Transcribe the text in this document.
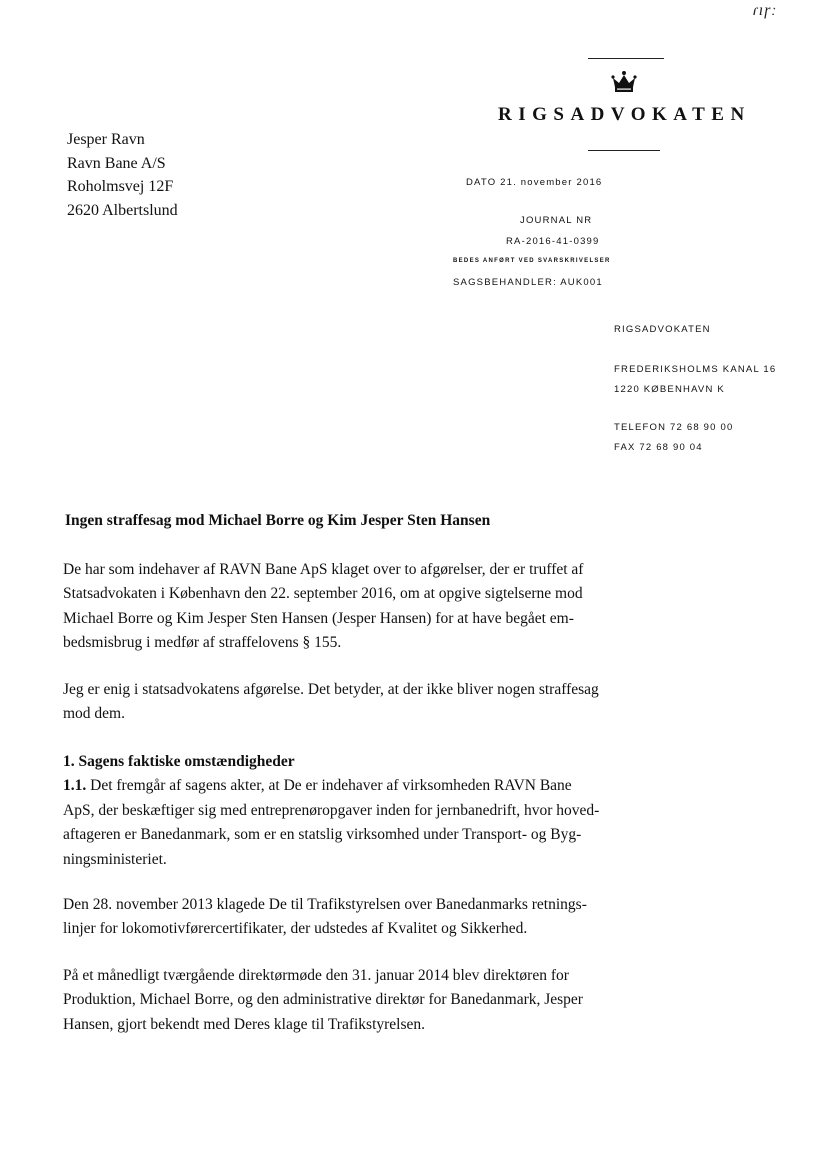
ɾıɼː
RIGSADVOKATEN
Jesper Ravn
Ravn Bane A/S
Roholmsvej 12F
2620 Albertslund
DATO 21. november 2016
JOURNAL NR
RA-2016-41-0399
BEDES ANFØRT VED SVARSKRIVELSER
SAGSBEHANDLER: AUK001
RIGSADVOKATEN
FREDERIKSHOLMS KANAL 16
1220 KØBENHAVN K
TELEFON 72 68 90 00
FAX 72 68 90 04
Ingen straffesag mod Michael Borre og Kim Jesper Sten Hansen
De har som indehaver af RAVN Bane ApS klaget over to afgørelser, der er truffet af
Statsadvokaten i København den 22. september 2016, om at opgive sigtelserne mod
Michael Borre og Kim Jesper Sten Hansen (Jesper Hansen) for at have begået em-
bedsmisbrug i medfør af straffelovens § 155.
Jeg er enig i statsadvokatens afgørelse. Det betyder, at der ikke bliver nogen straffesag
mod dem.
1. Sagens faktiske omstændigheder
1.1. Det fremgår af sagens akter, at De er indehaver af virksomheden RAVN Bane
ApS, der beskæftiger sig med entreprenøropgaver inden for jernbanedrift, hvor hoved-
aftageren er Banedanmark, som er en statslig virksomhed under Transport- og Byg-
ningsministeriet.
Den 28. november 2013 klagede De til Trafikstyrelsen over Banedanmarks retnings-
linjer for lokomotivførercertifikater, der udstedes af Kvalitet og Sikkerhed.
På et månedligt tværgående direktørmøde den 31. januar 2014 blev direktøren for
Produktion, Michael Borre, og den administrative direktør for Banedanmark, Jesper
Hansen, gjort bekendt med Deres klage til Trafikstyrelsen.
